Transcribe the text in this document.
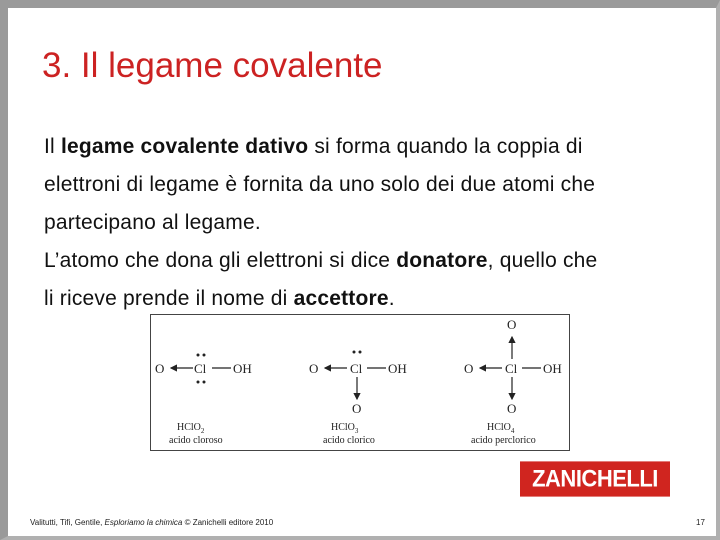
3. Il legame covalente

Il legame covalente dativo si forma quando la coppia di

elettroni di legame è fornita da uno solo dei due atomi che

partecipano al legame.

L’atomo che dona gli elettroni si dice donatore, quello che

li riceve prende il nome di accettore.

O Cl OH
HClO$_2$
acido cloroso
O Cl OH
O
HClO$_3$
acido clorico
O
O Cl OH
O
HClO$_4$
acido perclorico
ZANICHELLI
Valitutti, Tifi, Gentile, Esploriamo la chimica © Zanichelli editore 2010	17
